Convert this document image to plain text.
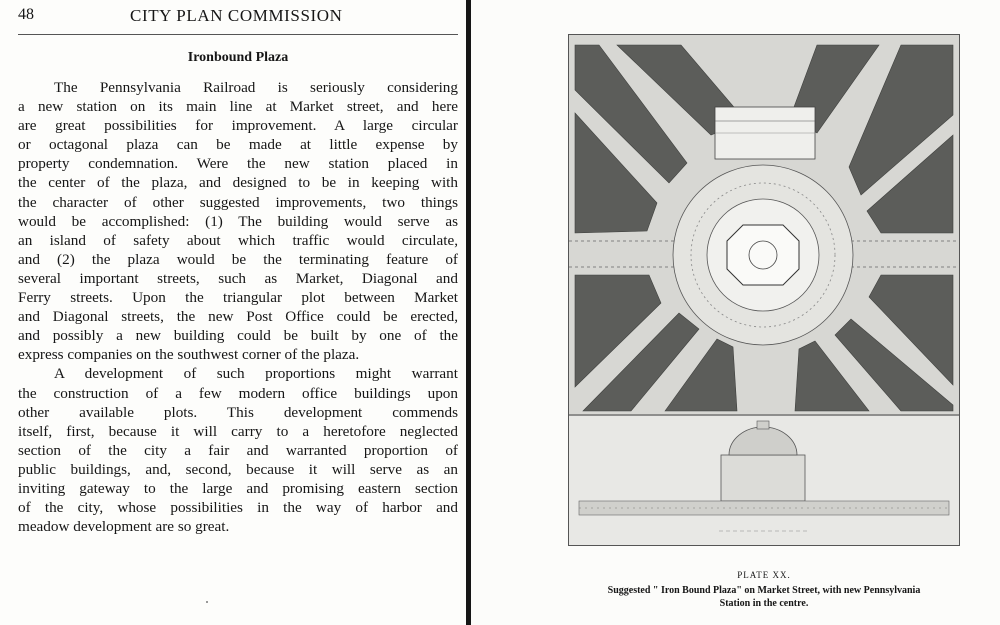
48	CITY PLAN COMMISSION
Ironbound Plaza
The Pennsylvania Railroad is seriously considering
a new station on its main line at Market street, and here
are great possibilities for improvement. A large circular
or octagonal plaza can be made at little expense by
property condemnation. Were the new station placed in
the center of the plaza, and designed to be in keeping with
the character of other suggested improvements, two things
would be accomplished: (1) The building would serve as
an island of safety about which traffic would circulate,
and (2) the plaza would be the terminating feature of
several important streets, such as Market, Diagonal and
Ferry streets. Upon the triangular plot between Market
and Diagonal streets, the new Post Office could be erected,
and possibly a new building could be built by one of the
express companies on the southwest corner of the plaza.
A development of such proportions might warrant
the construction of a few modern office buildings upon
other available plots. This development commends
itself, first, because it will carry to a heretofore neglected
section of the city a fair and warranted proportion of
public buildings, and, second, because it will serve as an
inviting gateway to the large and promising eastern section
of the city, whose possibilities in the way of harbor and
meadow development are so great.
PLATE XX.
Suggested " Iron Bound Plaza" on Market Street, with new Pennsylvania
Station in the centre.
